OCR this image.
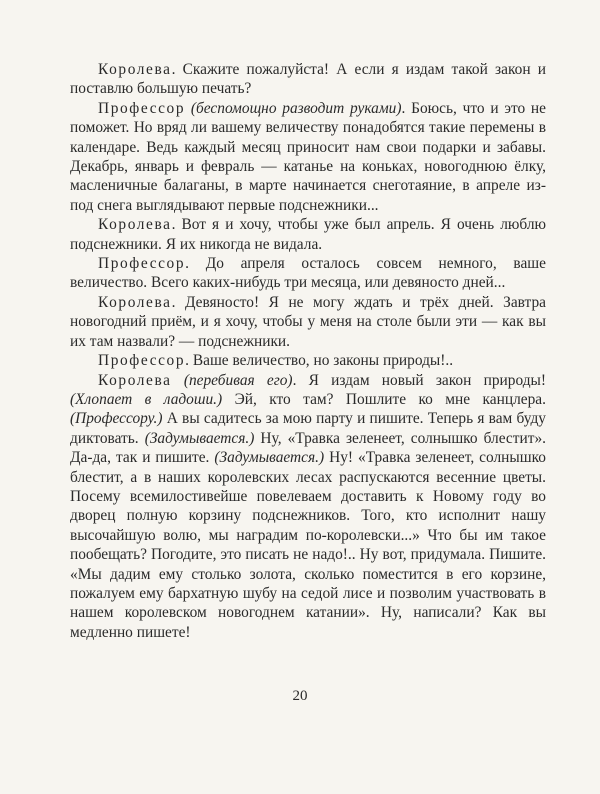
Королева. Скажите пожалуйста! А если я издам такой закон и поставлю большую печать?

Профессор (беспомощно разводит руками). Боюсь, что и это не поможет. Но вряд ли вашему величеству понадобятся такие перемены в календаре. Ведь каждый месяц приносит нам свои подарки и забавы. Декабрь, январь и февраль — катанье на коньках, новогоднюю ёлку, масленичные балаганы, в марте начинается снеготаяние, в апреле из-под снега выглядывают первые подснежники...

Королева. Вот я и хочу, чтобы уже был апрель. Я очень люблю подснежники. Я их никогда не видала.

Профессор. До апреля осталось совсем немного, ваше величество. Всего каких-нибудь три месяца, или девяносто дней...

Королева. Девяносто! Я не могу ждать и трёх дней. Завтра новогодний приём, и я хочу, чтобы у меня на столе были эти — как вы их там назвали? — подснежники.

Профессор. Ваше величество, но законы природы!..

Королева (перебивая его). Я издам новый закон природы! (Хлопает в ладоши.) Эй, кто там? Пошлите ко мне канцлера. (Профессору.) А вы садитесь за мою парту и пишите. Теперь я вам буду диктовать. (Задумывается.) Ну, «Травка зеленеет, солнышко блестит». Да-да, так и пишите. (Задумывается.) Ну! «Травка зеленеет, солнышко блестит, а в наших королевских лесах распускаются весенние цветы. Посему всемилостивейше повелеваем доставить к Новому году во дворец полную корзину подснежников. Того, кто исполнит нашу высочайшую волю, мы наградим по-королевски...» Что бы им такое пообещать? Погодите, это писать не надо!.. Ну вот, придумала. Пишите. «Мы дадим ему столько золота, сколько поместится в его корзине, пожалуем ему бархатную шубу на седой лисе и позволим участвовать в нашем королевском новогоднем катании». Ну, написали? Как вы медленно пишете!

20
